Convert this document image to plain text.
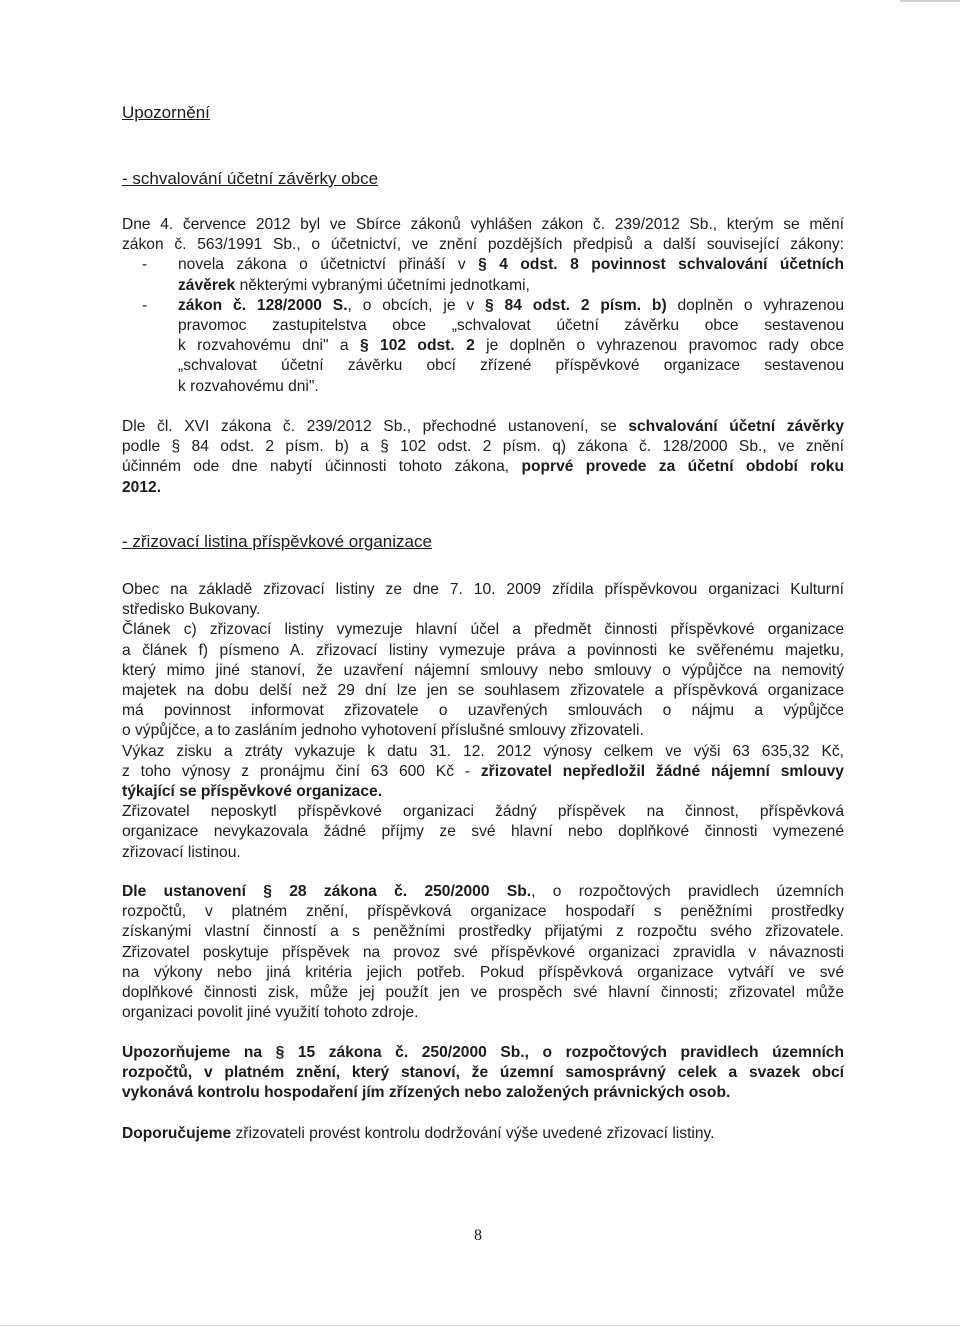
Upozornění
- schvalování účetní závěrky obce
Dne 4. července 2012 byl ve Sbírce zákonů vyhlášen zákon č. 239/2012 Sb., kterým se mění
zákon č. 563/1991 Sb., o účetnictví, ve znění pozdějších předpisů a další související zákony:
-	novela zákona o účetnictví přináší v § 4 odst. 8 povinnost schvalování účetních
závěrek některými vybranými účetními jednotkami,
-	zákon č. 128/2000 S., o obcích, je v § 84 odst. 2 písm. b) doplněn o vyhrazenou
pravomoc zastupitelstva obce „schvalovat účetní závěrku obce sestavenou
k rozvahovému dni" a § 102 odst. 2 je doplněn o vyhrazenou pravomoc rady obce
„schvalovat účetní závěrku obcí zřízené příspěvkové organizace sestavenou
k rozvahovému dni".
Dle čl. XVI zákona č. 239/2012 Sb., přechodné ustanovení, se schvalování účetní závěrky
podle § 84 odst. 2 písm. b) a § 102 odst. 2 písm. q) zákona č. 128/2000 Sb., ve znění
účinném ode dne nabytí účinnosti tohoto zákona, poprvé provede za účetní období roku
2012.
- zřizovací listina příspěvkové organizace
Obec na základě zřizovací listiny ze dne 7. 10. 2009 zřídila příspěvkovou organizaci Kulturní
středisko Bukovany.
Článek c) zřizovací listiny vymezuje hlavní účel a předmět činnosti příspěvkové organizace
a článek f) písmeno A. zřizovací listiny vymezuje práva a povinnosti ke svěřenému majetku,
který mimo jiné stanoví, že uzavření nájemní smlouvy nebo smlouvy o výpůjčce na nemovitý
majetek na dobu delší než 29 dní lze jen se souhlasem zřizovatele a příspěvková organizace
má povinnost informovat zřizovatele o uzavřených smlouvách o nájmu a výpůjčce
o výpůjčce, a to zasláním jednoho vyhotovení příslušné smlouvy zřizovateli.
Výkaz zisku a ztráty vykazuje k datu 31. 12. 2012 výnosy celkem ve výši 63 635,32 Kč,
z toho výnosy z pronájmu činí 63 600 Kč - zřizovatel nepředložil žádné nájemní smlouvy
týkající se příspěvkové organizace.
Zřizovatel neposkytl příspěvkové organizaci žádný příspěvek na činnost, příspěvková
organizace nevykazovala žádné příjmy ze své hlavní nebo doplňkové činnosti vymezené
zřizovací listinou.
Dle ustanovení § 28 zákona č. 250/2000 Sb., o rozpočtových pravidlech územních
rozpočtů, v platném znění, příspěvková organizace hospodaří s peněžními prostředky
získanými vlastní činností a s peněžními prostředky přijatými z rozpočtu svého zřizovatele.
Zřizovatel poskytuje příspěvek na provoz své příspěvkové organizaci zpravidla v návaznosti
na výkony nebo jiná kritéria jejich potřeb. Pokud příspěvková organizace vytváří ve své
doplňkové činnosti zisk, může jej použít jen ve prospěch své hlavní činnosti; zřizovatel může
organizaci povolit jiné využití tohoto zdroje.
Upozorňujeme na § 15 zákona č. 250/2000 Sb., o rozpočtových pravidlech územních
rozpočtů, v platném znění, který stanoví, že územní samosprávný celek a svazek obcí
vykonává kontrolu hospodaření jím zřízených nebo založených právnických osob.
Doporučujeme zřizovateli provést kontrolu dodržování výše uvedené zřizovací listiny.
8
